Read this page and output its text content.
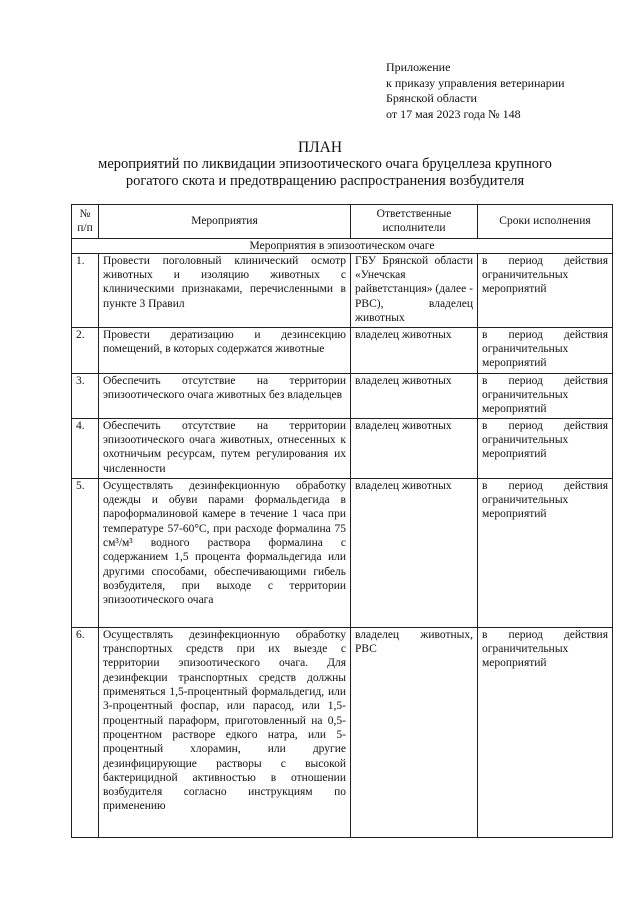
Приложение
к приказу управления ветеринарии
Брянской области
от 17 мая 2023 года № 148
ПЛАН
мероприятий по ликвидации эпизоотического очага бруцеллеза крупного рогатого скота и предотвращению распространения возбудителя
№ п/п	Мероприятия	Ответственные исполнители	Сроки исполнения
Мероприятия в эпизоотическом очаге			
1.	Провести поголовный клинический осмотр животных и изоляцию животных с клиническими признаками, перечисленными в пункте 3 Правил	ГБУ Брянской области «Унечская райветстанция» (далее - РВС), владелец животных	в период действия ограничительных мероприятий
2.	Провести дератизацию и дезинсекцию помещений, в которых содержатся животные	владелец животных	в период действия ограничительных мероприятий
3.	Обеспечить отсутствие на территории эпизоотического очага животных без владельцев	владелец животных	в период действия ограничительных мероприятий
4.	Обеспечить отсутствие на территории эпизоотического очага животных, отнесенных к охотничьим ресурсам, путем регулирования их численности	владелец животных	в период действия ограничительных мероприятий
5.	Осуществлять дезинфекционную обработку одежды и обуви парами формальдегида в пароформалиновой камере в течение 1 часа при температуре 57-60°С, при расходе формалина 75 см³/м³ водного раствора формалина с содержанием 1,5 процента формальдегида или другими способами, обеспечивающими гибель возбудителя, при выходе с территории эпизоотического очага	владелец животных	в период действия ограничительных мероприятий
6.	Осуществлять дезинфекционную обработку транспортных средств при их выезде с территории эпизоотического очага. Для дезинфекции транспортных средств должны применяться 1,5-процентный формальдегид, или 3-процентный фоспар, или парасод, или 1,5-процентный параформ, приготовленный на 0,5-процентном растворе едкого натра, или 5-процентный хлорамин, или другие дезинфицирующие растворы с высокой бактерицидной активностью в отношении возбудителя согласно инструкциям по применению	владелец животных, РВС	в период действия ограничительных мероприятий
